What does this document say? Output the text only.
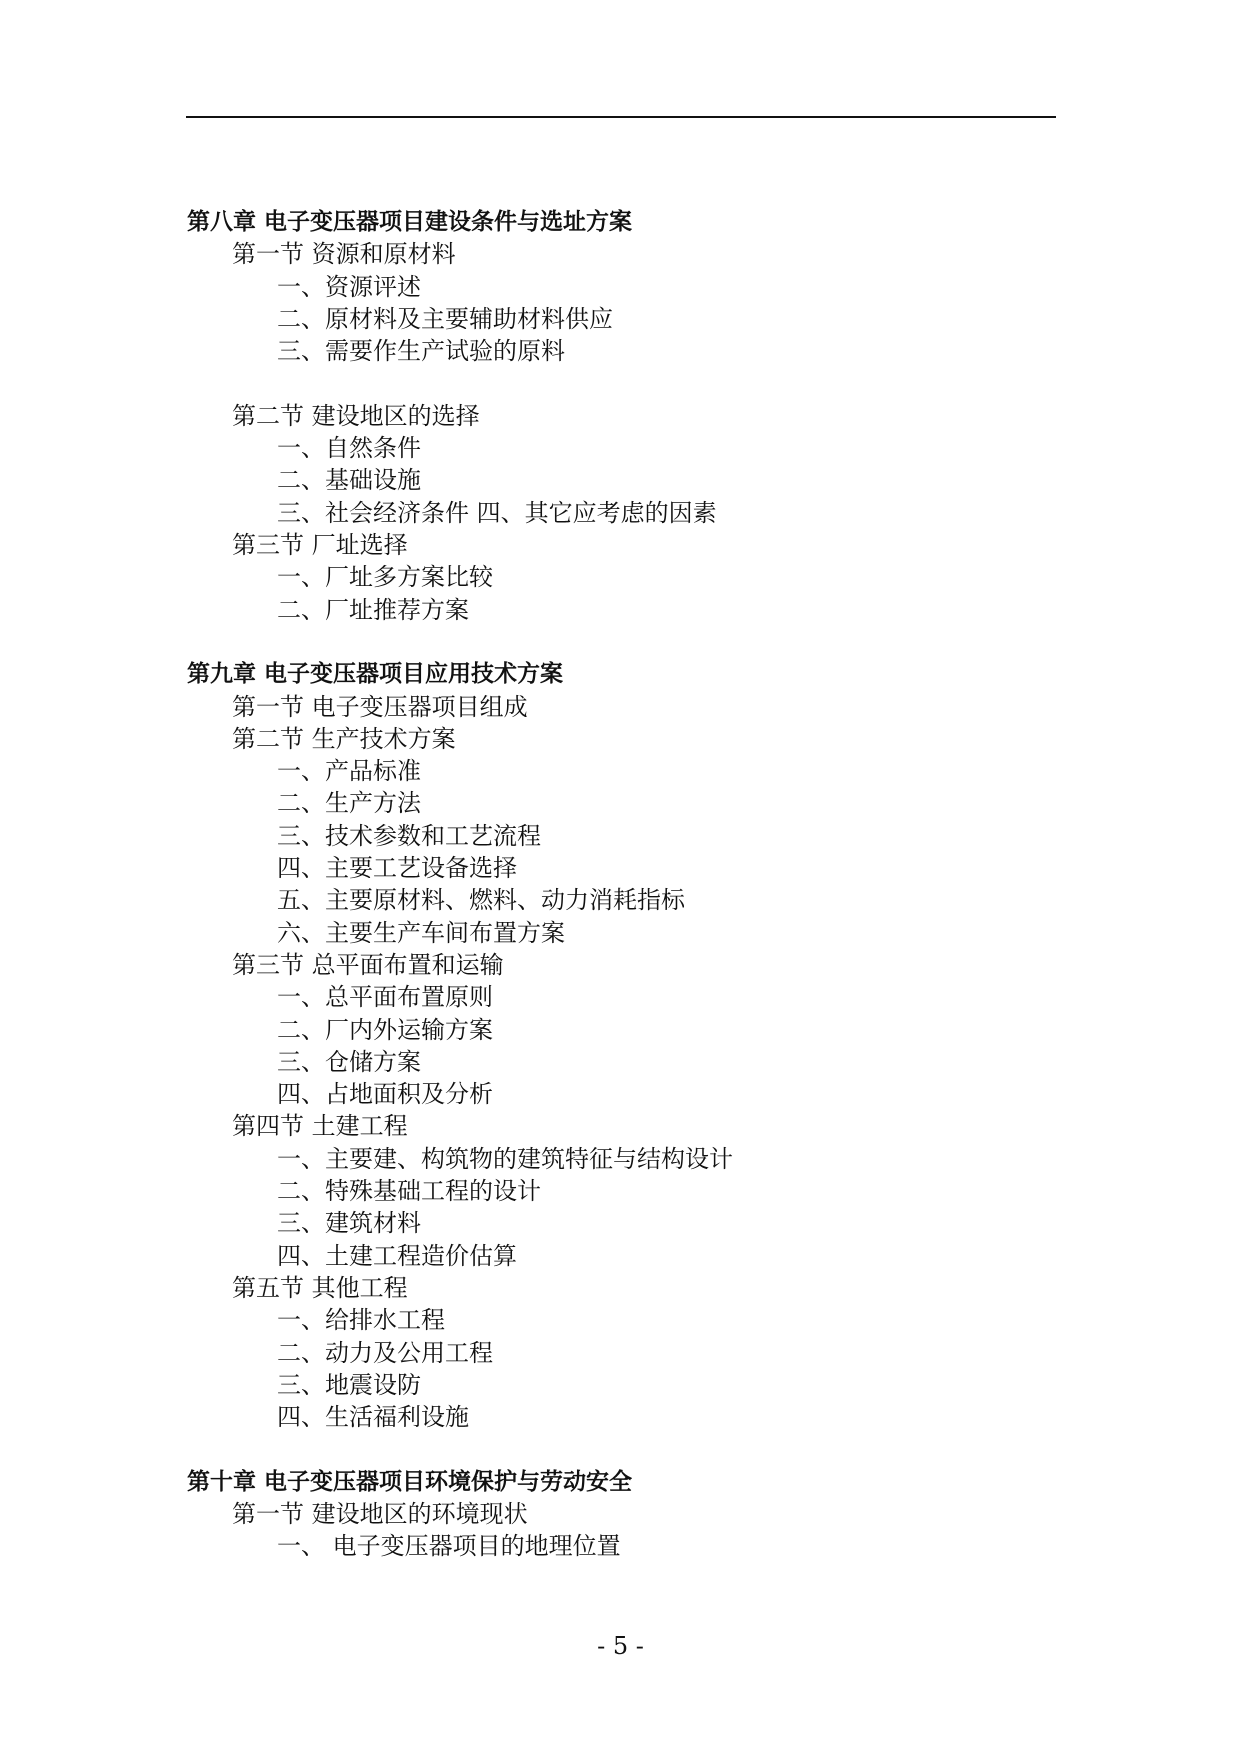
第八章 电子变压器项目建设条件与选址方案
第一节 资源和原材料
一、资源评述
二、原材料及主要辅助材料供应
三、需要作生产试验的原料
第二节 建设地区的选择
一、自然条件
二、基础设施
三、社会经济条件 四、其它应考虑的因素
第三节 厂址选择
一、厂址多方案比较
二、厂址推荐方案
第九章 电子变压器项目应用技术方案
第一节 电子变压器项目组成
第二节 生产技术方案
一、产品标准
二、生产方法
三、技术参数和工艺流程
四、主要工艺设备选择
五、主要原材料、燃料、动力消耗指标
六、主要生产车间布置方案
第三节 总平面布置和运输
一、总平面布置原则
二、厂内外运输方案
三、仓储方案
四、占地面积及分析
第四节 土建工程
一、主要建、构筑物的建筑特征与结构设计
二、特殊基础工程的设计
三、建筑材料
四、土建工程造价估算
第五节 其他工程
一、给排水工程
二、动力及公用工程
三、地震设防
四、生活福利设施
第十章 电子变压器项目环境保护与劳动安全
第一节 建设地区的环境现状
一、 电子变压器项目的地理位置
- 5 -
